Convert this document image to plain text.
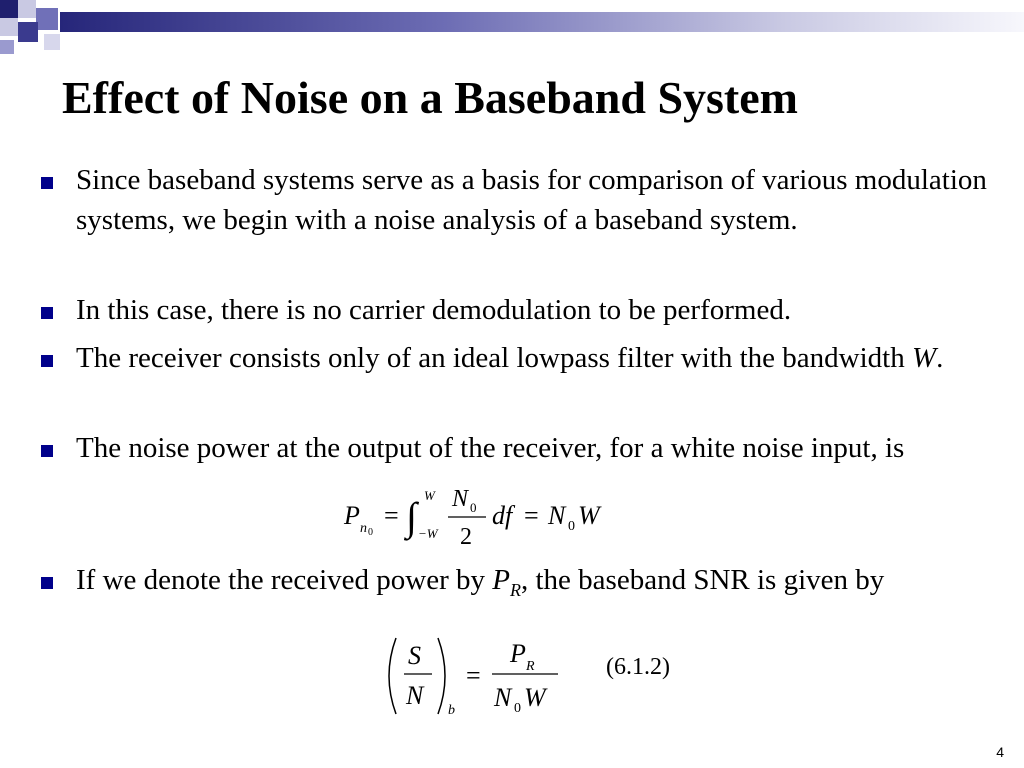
Effect of Noise on a Baseband System
Since baseband systems serve as a basis for comparison of various modulation systems, we begin with a noise analysis of a baseband system.
In this case, there is no carrier demodulation to be performed.
The receiver consists only of an ideal lowpass filter with the bandwidth W.
The noise power at the output of the receiver, for a white noise input, is
If we denote the received power by $P_R$, the baseband SNR is given by
P n 0
= ∫ W
−W
N 0
2
df = N 0 W
S
N
b
=
P R
N 0 W
(6.1.2)
4
